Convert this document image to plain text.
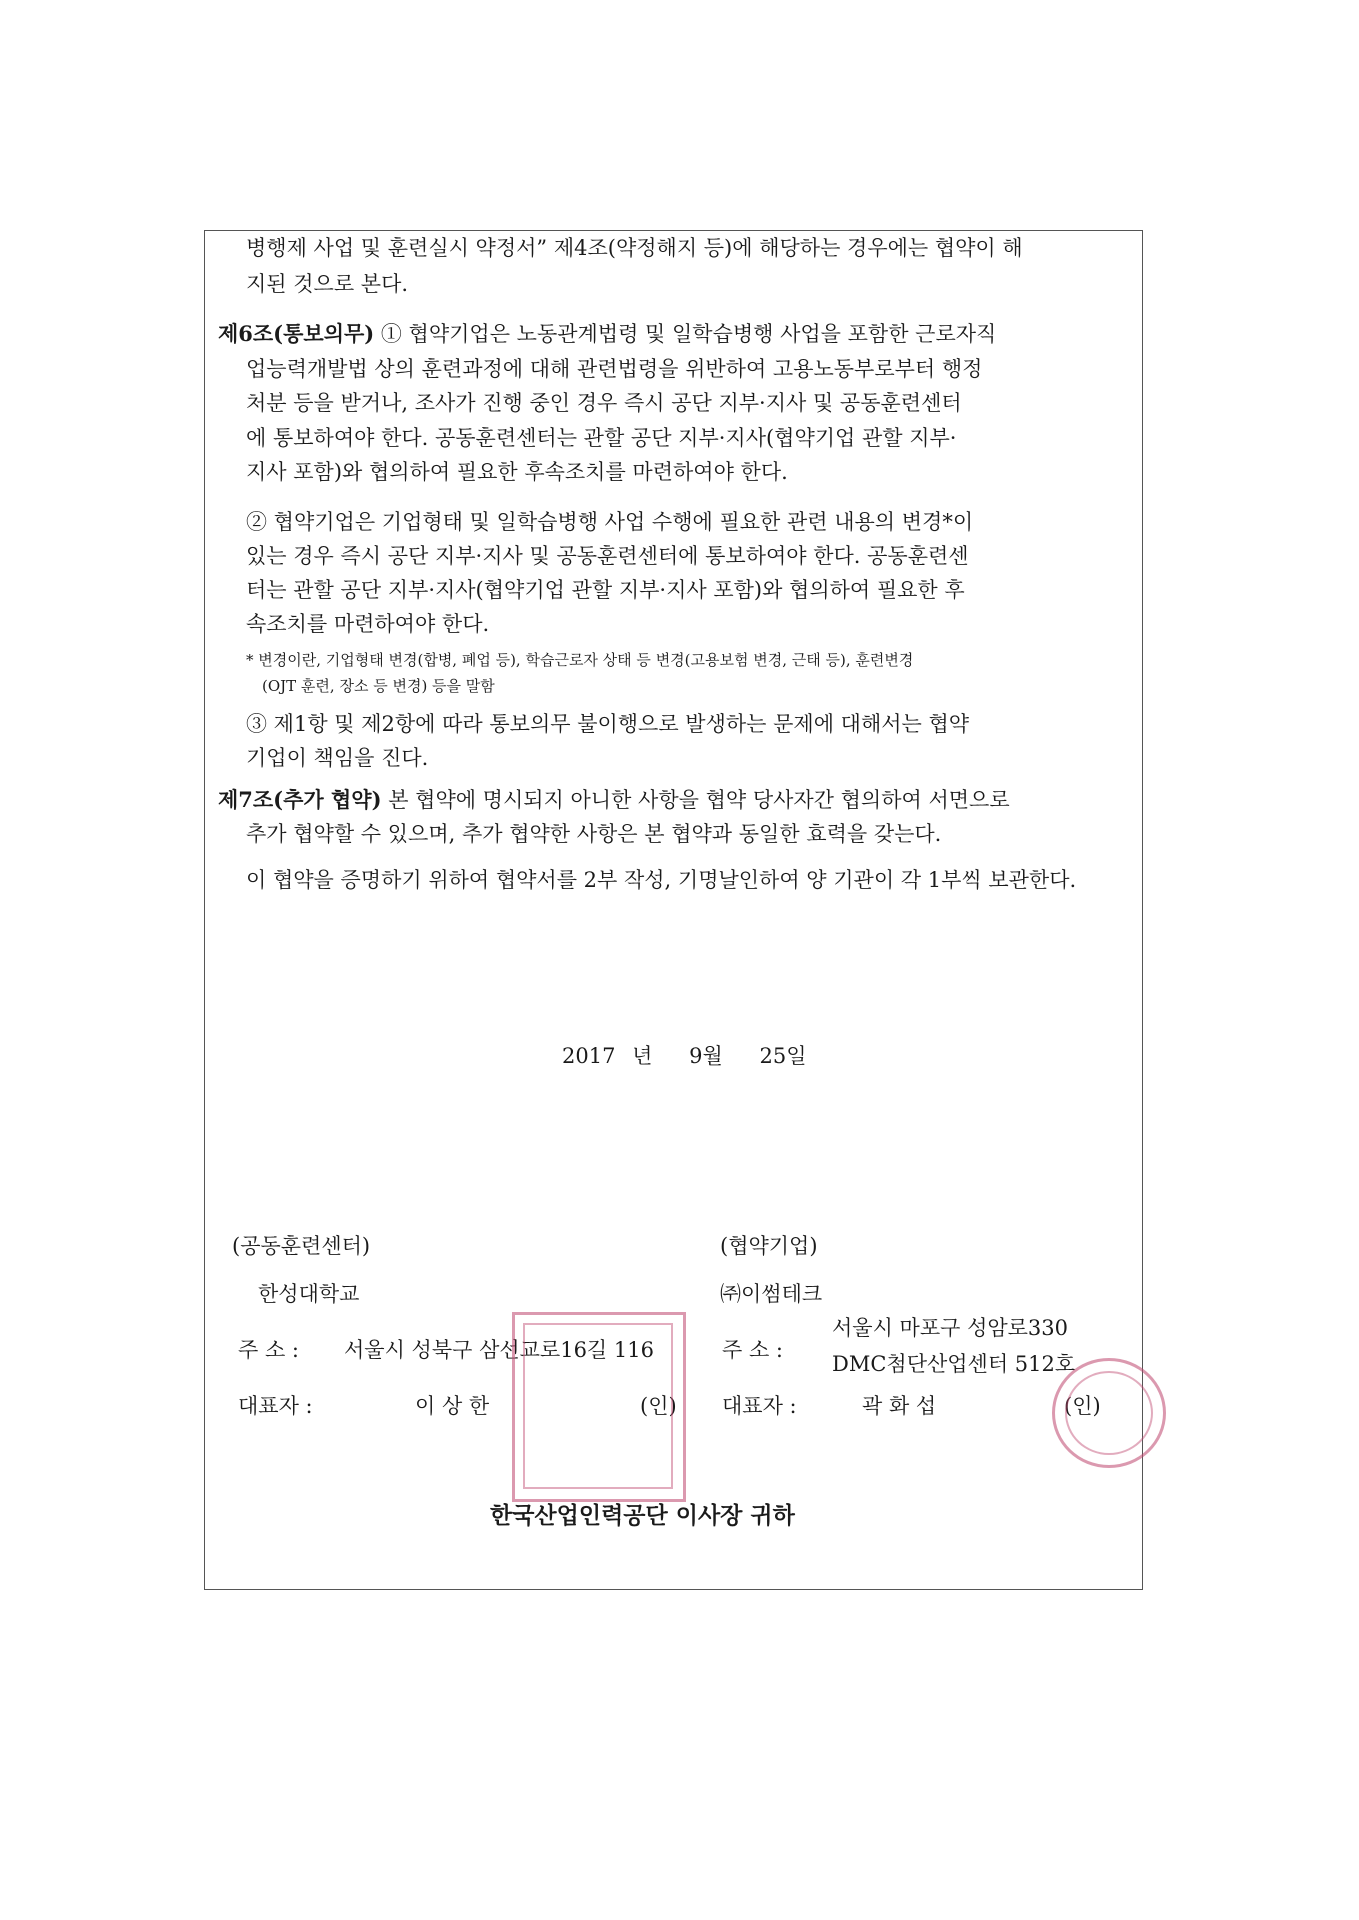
병행제 사업 및 훈련실시 약정서” 제4조(약정해지 등)에 해당하는 경우에는 협약이 해
지된 것으로 본다.
제6조(통보의무) ① 협약기업은 노동관계법령 및 일학습병행 사업을 포함한 근로자직
업능력개발법 상의 훈련과정에 대해 관련법령을 위반하여 고용노동부로부터 행정
처분 등을 받거나, 조사가 진행 중인 경우 즉시 공단 지부·지사 및 공동훈련센터
에 통보하여야 한다. 공동훈련센터는 관할 공단 지부·지사(협약기업 관할 지부·
지사 포함)와 협의하여 필요한 후속조치를 마련하여야 한다.
② 협약기업은 기업형태 및 일학습병행 사업 수행에 필요한 관련 내용의 변경*이
있는 경우 즉시 공단 지부·지사 및 공동훈련센터에 통보하여야 한다. 공동훈련센
터는 관할 공단 지부·지사(협약기업 관할 지부·지사 포함)와 협의하여 필요한 후
속조치를 마련하여야 한다.
* 변경이란, 기업형태 변경(합병, 폐업 등), 학습근로자 상태 등 변경(고용보험 변경, 근태 등), 훈련변경
(OJT 훈련, 장소 등 변경) 등을 말함
③ 제1항 및 제2항에 따라 통보의무 불이행으로 발생하는 문제에 대해서는 협약
기업이 책임을 진다.
제7조(추가 협약) 본 협약에 명시되지 아니한 사항을 협약 당사자간 협의하여 서면으로
추가 협약할 수 있으며, 추가 협약한 사항은 본 협약과 동일한 효력을 갖는다.
이 협약을 증명하기 위하여 협약서를 2부 작성, 기명날인하여 양 기관이 각 1부씩 보관한다.
2017 년 9월 25일
(공동훈련센터)
한성대학교
주 소 : 서울시 성북구 삼선교로16길 116
대표자 :	이 상 한	(인)
(협약기업)
㈜이썸테크
주 소 :
서울시 마포구 성암로330
DMC첨단산업센터 512호
대표자 :	곽 화 섭	(인)
한국산업인력공단 이사장 귀하
